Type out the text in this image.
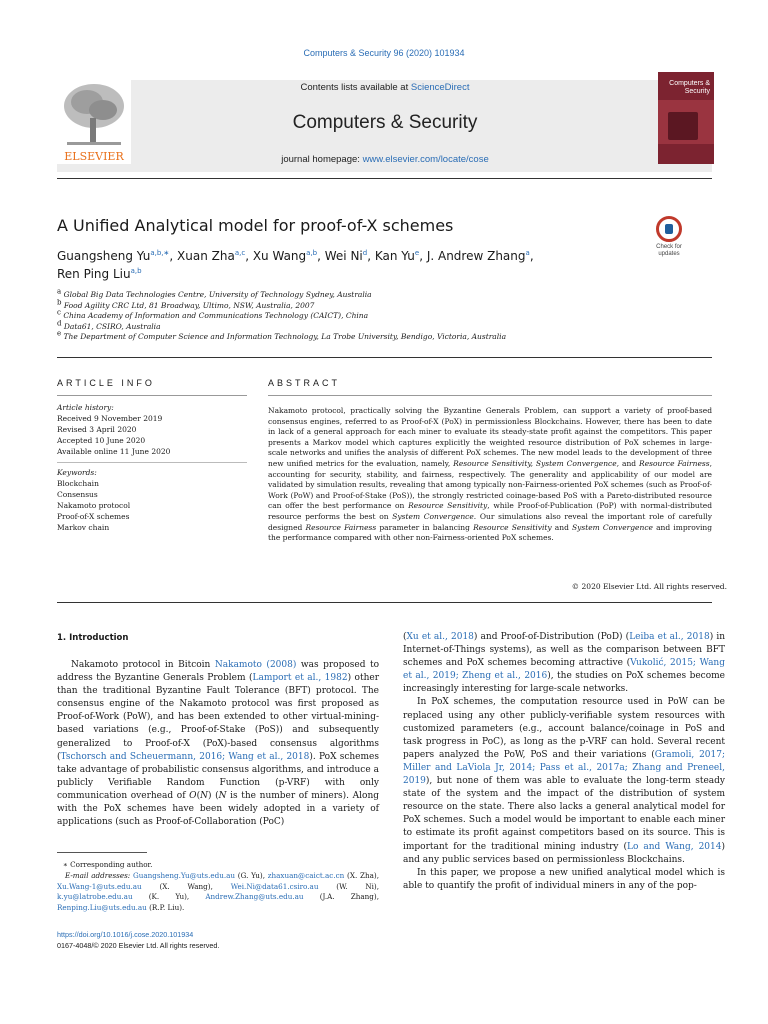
Computers & Security 96 (2020) 101934
ELSEVIER
Contents lists available at ScienceDirect
Computers & Security
journal homepage: www.elsevier.com/locate/cose
Computers & Security
A Unified Analytical model for proof-of-X schemes
Check for updates
Guangsheng $Yu^{a,b,∗}$, Xuan Zha$^{a,c}$, Xu Wang$^{a,b}$, Wei Ni$^d$, Kan Yu$^e$, J. Andrew Zhang$^a$,
Ren Ping Liu$^{a,b}$
$^a$ Global Big Data Technologies Centre, University of Technology Sydney, Australia
$^b$ Food Agility CRC Ltd, 81 Broadway, Ultimo, NSW, Australia, 2007
$^c$ China Academy of Information and Communications Technology (CAICT), China
$^d$ Data61, CSIRO, Australia
$^e$ The Department of Computer Science and Information Technology, La Trobe University, Bendigo, Victoria, Australia
ARTICLE INFO	ABSTRACT
Article history:
Received 9 November 2019
Revised 3 April 2020
Accepted 10 June 2020
Available online 11 June 2020
Keywords:
Blockchain
Consensus
Nakamoto protocol
Proof-of-X schemes
Markov chain
Nakamoto protocol, practically solving the Byzantine Generals Problem, can support a variety of proof-based consensus engines, referred to as Proof-of-X (PoX) in permissionless Blockchains. However, there has been to date in lack of a general approach for each miner to evaluate its steady-state profit against the competitors. This paper presents a Markov model which captures explicitly the weighted resource distribution of PoX schemes in large-scale networks and unifies the analysis of different PoX schemes. The new model leads to the development of three new unified metrics for the evaluation, namely, Resource Sensitivity, System Convergence, and Resource Fairness, accounting for security, stability, and fairness, respectively. The generality and applicability of our model are validated by simulation results, revealing that among typically non-Fairness-oriented PoX schemes (such as Proof-of-Work (PoW) and Proof-of-Stake (PoS)), the strongly restricted coinage-based PoS with a Pareto-distributed resource can offer the best performance on Resource Sensitivity, while Proof-of-Publication (PoP) with normal-distributed resource performs the best on System Convergence. Our simulations also reveal the important role of carefully designed Resource Fairness parameter in balancing Resource Sensitivity and System Convergence and improving the performance compared with other non-Fairness-oriented PoX schemes.
© 2020 Elsevier Ltd. All rights reserved.
1. Introduction

Nakamoto protocol in Bitcoin Nakamoto (2008) was proposed to address the Byzantine Generals Problem (Lamport et al., 1982) other than the traditional Byzantine Fault Tolerance (BFT) protocol. The consensus engine of the Nakamoto protocol was first proposed as Proof-of-Work (PoW), and has been extended to other virtual-mining-based variations (e.g., Proof-of-Stake (PoS)) and subsequently generalized to Proof-of-X (PoX)-based consensus algorithms (Tschorsch and Scheuermann, 2016; Wang et al., 2018). PoX schemes take advantage of probabilistic consensus algorithms, and introduce a publicly Verifiable Random Function (p-VRF) with only communication overhead of O(N) (N is the number of miners). Along with the PoX schemes have been widely adopted in a variety of applications (such as Proof-of-Collaboration (PoC)

(Xu et al., 2018) and Proof-of-Distribution (PoD) (Leiba et al., 2018) in Internet-of-Things systems), as well as the comparison between BFT schemes and PoX schemes becoming attractive (Vukolić, 2015; Wang et al., 2019; Zheng et al., 2016), the studies on PoX schemes become increasingly interesting for large-scale networks.

In PoX schemes, the computation resource used in PoW can be replaced using any other publicly-verifiable system resources with customized parameters (e.g., account balance/coinage in PoS and task progress in PoC), as long as the p-VRF can hold. Several recent papers analyzed the PoW, PoS and their variations (Gramoli, 2017; Miller and LaViola Jr, 2014; Pass et al., 2017a; Zhang and Preneel, 2019), but none of them was able to evaluate the long-term steady state of the system and the impact of the distribution of system resource on the state. There also lacks a general analytical model for PoX schemes. Such a model would be important to enable each miner to estimate its profit against competitors based on its source. This is important for the traditional mining industry (Lo and Wang, 2014) and any public services based on permissionless Blockchains.

In this paper, we propose a new unified analytical model which is able to quantify the profit of individual miners in any of the pop-

∗ Corresponding author.
E-mail addresses: Guangsheng.Yu@uts.edu.au (G. Yu), zhaxuan@caict.ac.cn (X. Zha), Xu.Wang-1@uts.edu.au (X. Wang), Wei.Ni@data61.csiro.au (W. Ni), k.yu@latrobe.edu.au (K. Yu), Andrew.Zhang@uts.edu.au (J.A. Zhang), Renping.Liu@uts.edu.au (R.P. Liu).
https://doi.org/10.1016/j.cose.2020.101934
0167-4048/© 2020 Elsevier Ltd. All rights reserved.
